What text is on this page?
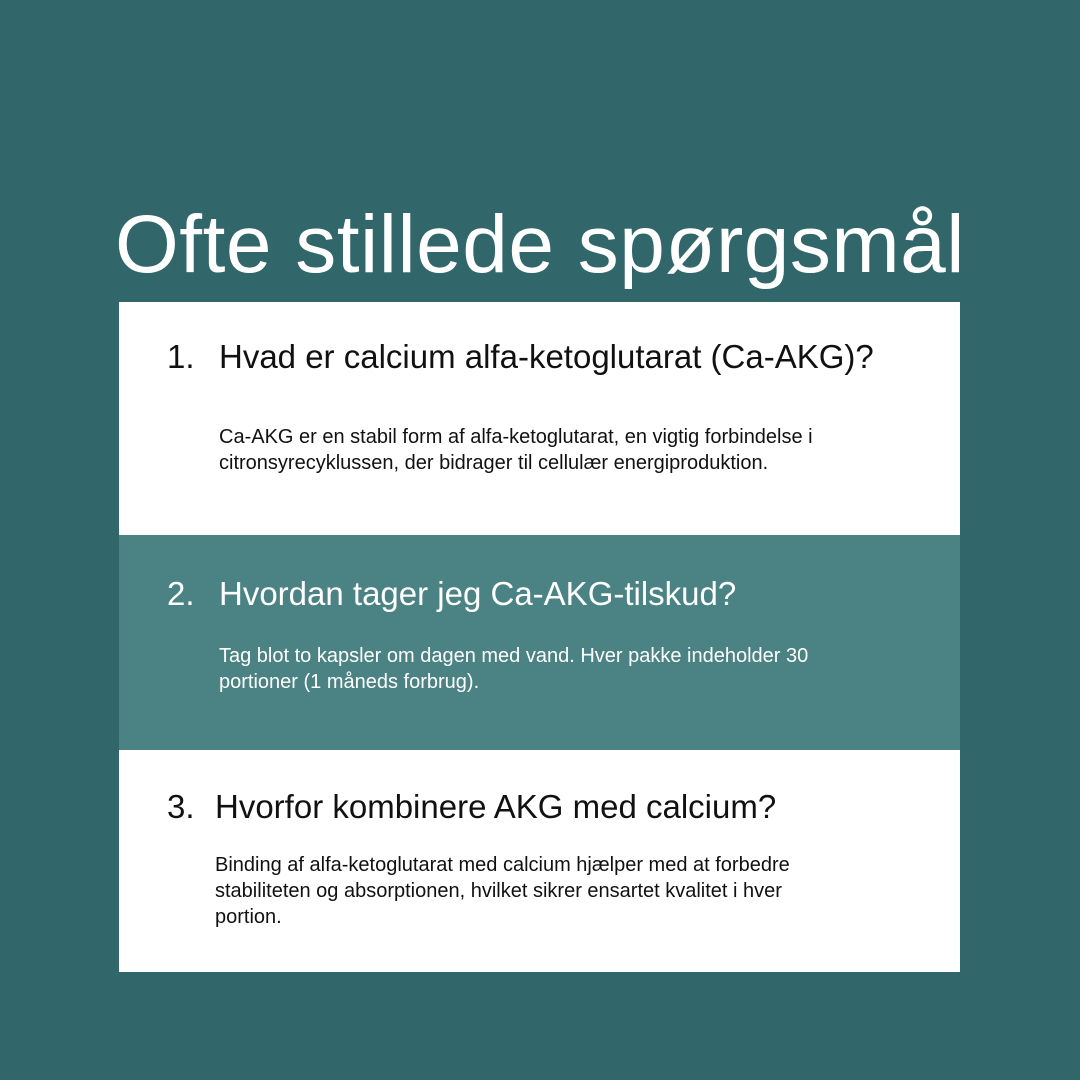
Ofte stillede spørgsmål
1. Hvad er calcium alfa-ketoglutarat (Ca-AKG)?
Ca-AKG er en stabil form af alfa-ketoglutarat, en vigtig forbindelse i citronsyrecyklussen, der bidrager til cellulær energiproduktion.
2. Hvordan tager jeg Ca-AKG-tilskud?
Tag blot to kapsler om dagen med vand. Hver pakke indeholder 30 portioner (1 måneds forbrug).
3. Hvorfor kombinere AKG med calcium?
Binding af alfa-ketoglutarat med calcium hjælper med at forbedre stabiliteten og absorptionen, hvilket sikrer ensartet kvalitet i hver portion.
